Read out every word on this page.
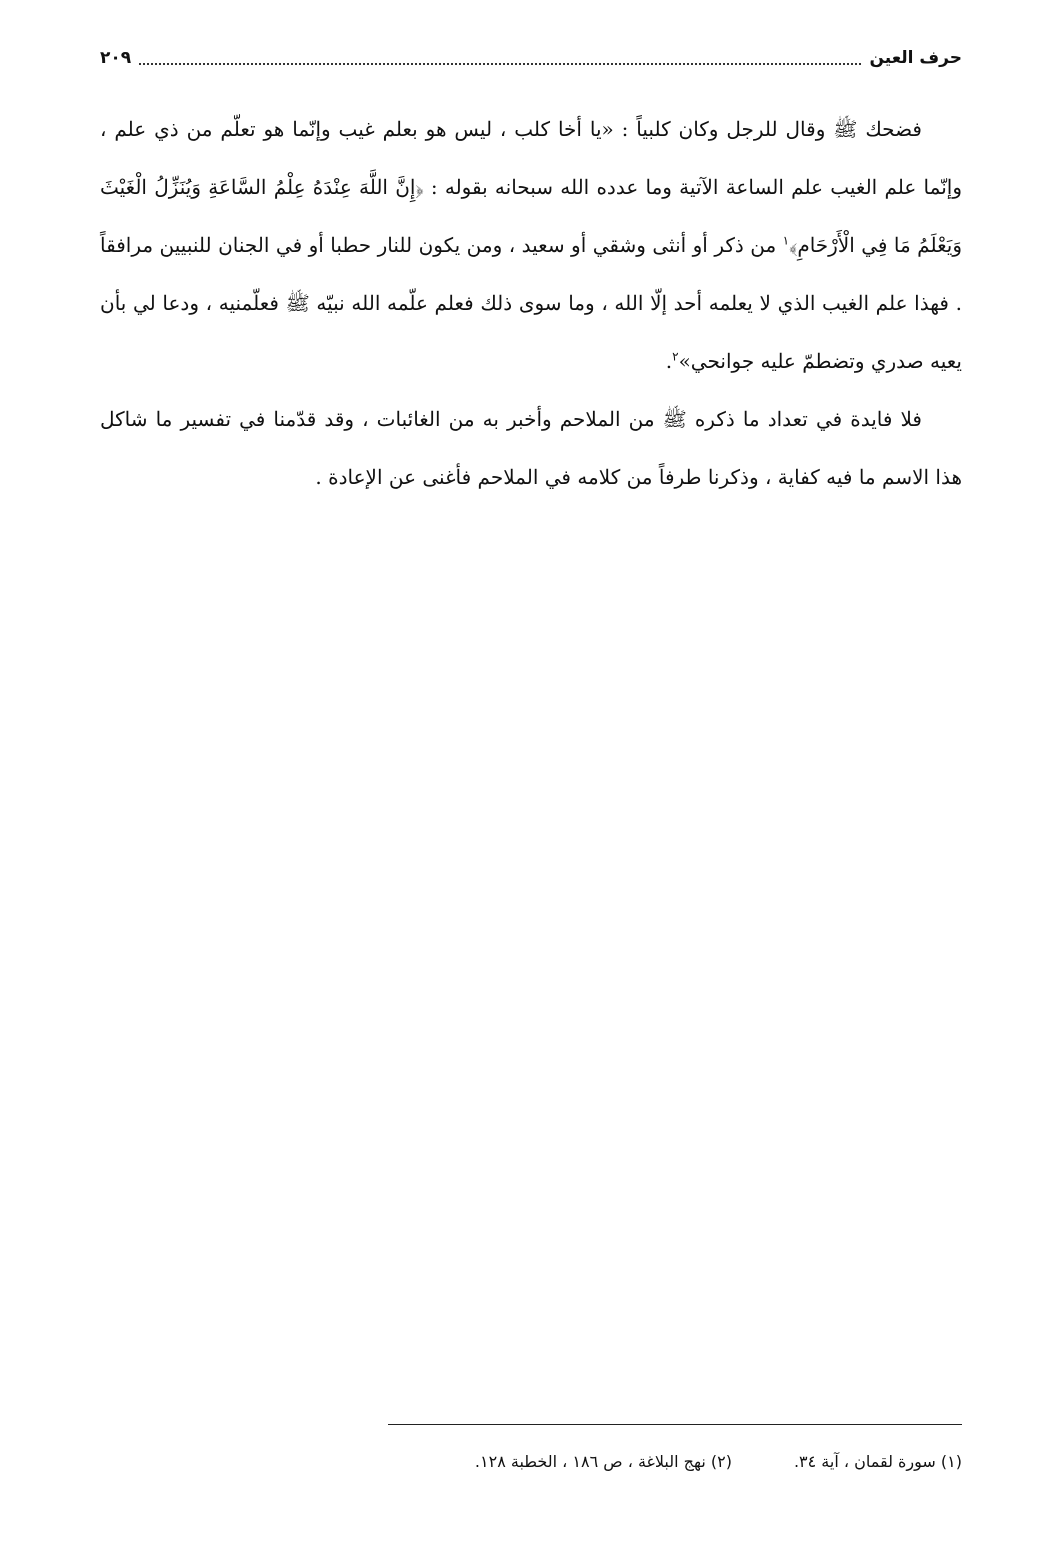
حرف العين
٢٠٩

فضحك ﷺ وقال للرجل وكان كلبياً : «يا أخا كلب ، ليس هو بعلم غيب وإنّما هو تعلّم من ذي علم ، وإنّما علم الغيب علم الساعة الآتية وما عدده الله سبحانه بقوله : ﴿إِنَّ اللَّهَ عِنْدَهُ عِلْمُ السَّاعَةِ وَيُنَزِّلُ الْغَيْثَ وَيَعْلَمُ مَا فِي الْأَرْحَامِ﴾$^١$ من ذكر أو أنثى وشقي أو سعيد ، ومن يكون للنار حطبا أو في الجنان للنبيين مرافقاً . فهذا علم الغيب الذي لا يعلمه أحد إلّا الله ، وما سوى ذلك فعلم علّمه الله نبيّه ﷺ فعلّمنيه ، ودعا لي بأن يعيه صدري وتضطمّ عليه جوانحي»$^٢$.

فلا فايدة في تعداد ما ذكره ﷺ من الملاحم وأخبر به من الغائبات ، وقد قدّمنا في تفسير ما شاكل هذا الاسم ما فيه كفاية ، وذكرنا طرفاً من كلامه في الملاحم فأغنى عن الإعادة .

(١) سورة لقمان ، آية ٣٤.
(٢) نهج البلاغة ، ص ١٨٦ ، الخطبة ١٢٨.
